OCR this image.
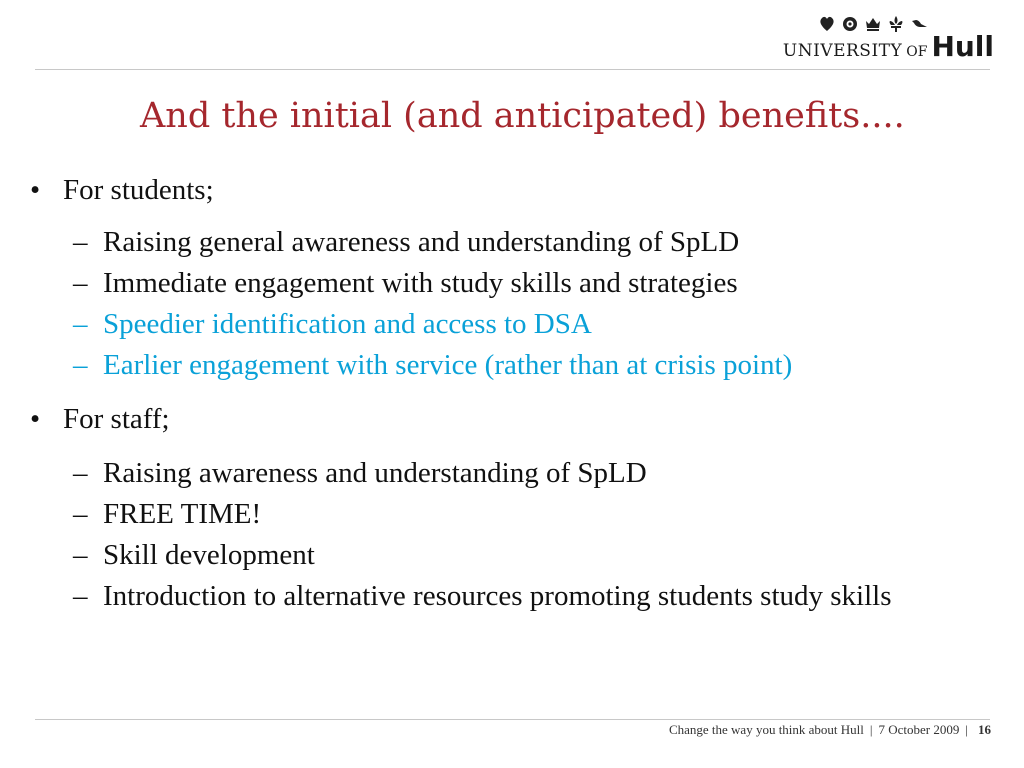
UNIVERSITY OF Hull
And the initial (and anticipated) benefits....
• For students;
– Raising general awareness and understanding of SpLD
– Immediate engagement with study skills and strategies
– Speedier identification and access to DSA
– Earlier engagement with service (rather than at crisis point)
• For staff;
– Raising awareness and understanding of SpLD
– FREE TIME!
– Skill development
– Introduction to alternative resources promoting students study skills
Change the way you think about Hull | 7 October 2009 | 16
